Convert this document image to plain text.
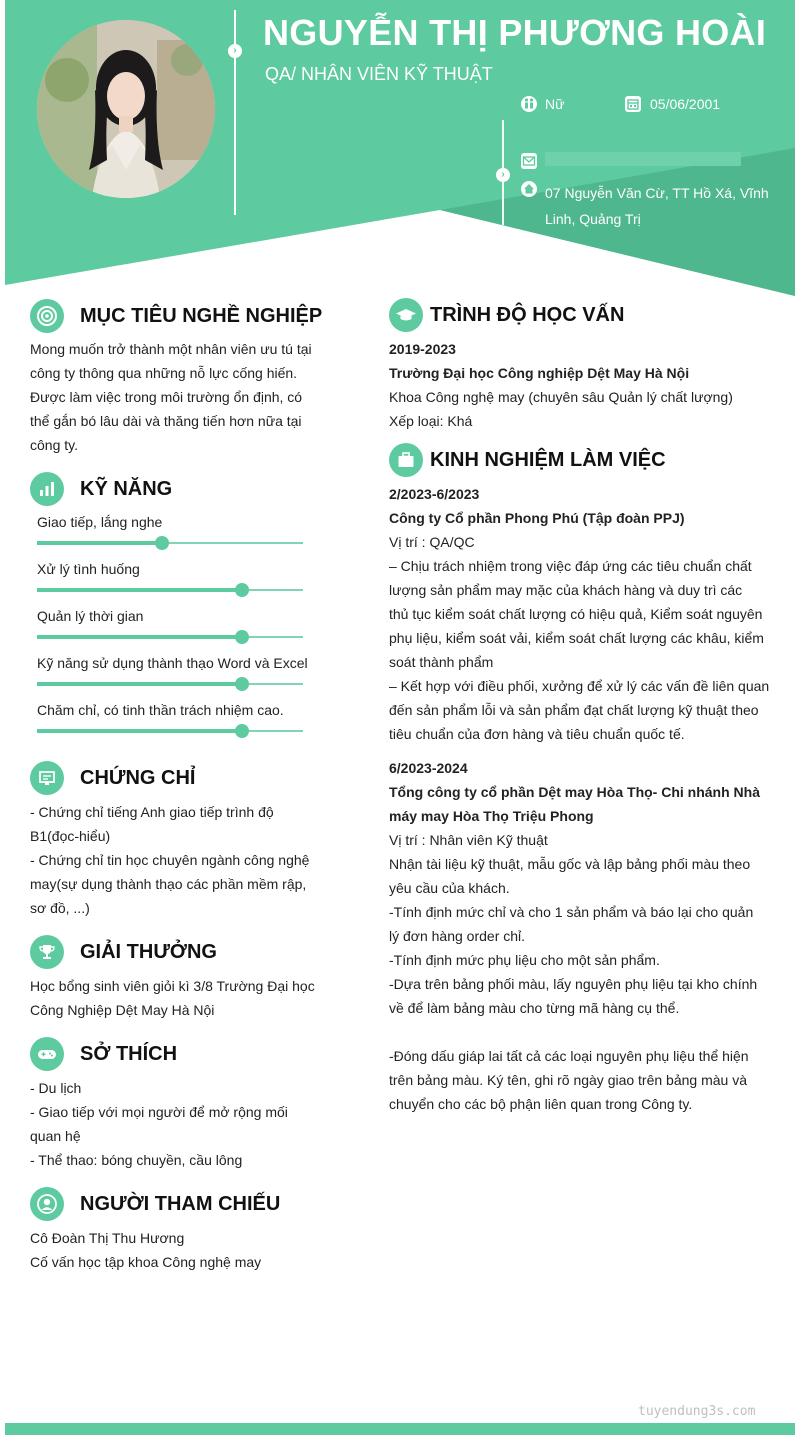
›
›
NGUYỄN THỊ PHƯƠNG HOÀI
QA/ NHÂN VIÊN KỸ THUẬT
Nữ	05/06/2001
07 Nguyễn Văn Cừ, TT Hồ Xá, Vĩnh Linh, Quảng Trị
MỤC TIÊU NGHỀ NGHIỆP
Mong muốn trở thành một nhân viên ưu tú tại
công ty thông qua những nỗ lực cống hiến.
Được làm việc trong môi trường ổn định, có
thể gắn bó lâu dài và thăng tiến hơn nữa tại
công ty.
KỸ NĂNG
Giao tiếp, lắng nghe
Xử lý tình huống
Quản lý thời gian
Kỹ năng sử dụng thành thạo Word và Excel
Chăm chỉ, có tinh thần trách nhiệm cao.
CHỨNG CHỈ
- Chứng chỉ tiếng Anh giao tiếp trình độ
B1(đọc-hiểu)
- Chứng chỉ tin học chuyên ngành công nghệ
may(sự dụng thành thạo các phần mềm rập,
sơ đồ, ...)
GIẢI THƯỞNG
Học bổng sinh viên giỏi kì 3/8 Trường Đại học
Công Nghiệp Dệt May Hà Nội
SỞ THÍCH
- Du lịch
- Giao tiếp với mọi người để mở rộng mối
quan hệ
- Thể thao: bóng chuyền, cầu lông
NGƯỜI THAM CHIẾU
Cô Đoàn Thị Thu Hương
Cố vấn học tập khoa Công nghệ may
TRÌNH ĐỘ HỌC VẤN
2019-2023
Trường Đại học Công nghiệp Dệt May Hà Nội
Khoa Công nghệ may (chuyên sâu Quản lý chất lượng)
Xếp loại: Khá
KINH NGHIỆM LÀM VIỆC
2/2023-6/2023
Công ty Cổ phần Phong Phú (Tập đoàn PPJ)
Vị trí : QA/QC
– Chịu trách nhiệm trong việc đáp ứng các tiêu chuẩn chất
lượng sản phẩm may mặc của khách hàng và duy trì các
thủ tục kiểm soát chất lượng có hiệu quả, Kiểm soát nguyên
phụ liệu, kiểm soát vải, kiểm soát chất lượng các khâu, kiểm
soát thành phẩm
– Kết hợp với điều phối, xưởng để xử lý các vấn đề liên quan
đến sản phẩm lỗi và sản phẩm đạt chất lượng kỹ thuật theo
tiêu chuẩn của đơn hàng và tiêu chuẩn quốc tế.
6/2023-2024
Tổng công ty cổ phần Dệt may Hòa Thọ- Chi nhánh Nhà
máy may Hòa Thọ Triệu Phong
Vị trí : Nhân viên Kỹ thuật
Nhận tài liệu kỹ thuật, mẫu gốc và lập bảng phối màu theo
yêu cầu của khách.
-Tính định mức chỉ và cho 1 sản phẩm và báo lại cho quản
lý đơn hàng order chỉ.
-Tính định mức phụ liệu cho một sản phẩm.
-Dựa trên bảng phối màu, lấy nguyên phụ liệu tại kho chính
về để làm bảng màu cho từng mã hàng cụ thể.
-Đóng dấu giáp lai tất cả các loại nguyên phụ liệu thể hiện
trên bảng màu. Ký tên, ghi rõ ngày giao trên bảng màu và
chuyển cho các bộ phận liên quan trong Công ty.
tuyendung3s.com
